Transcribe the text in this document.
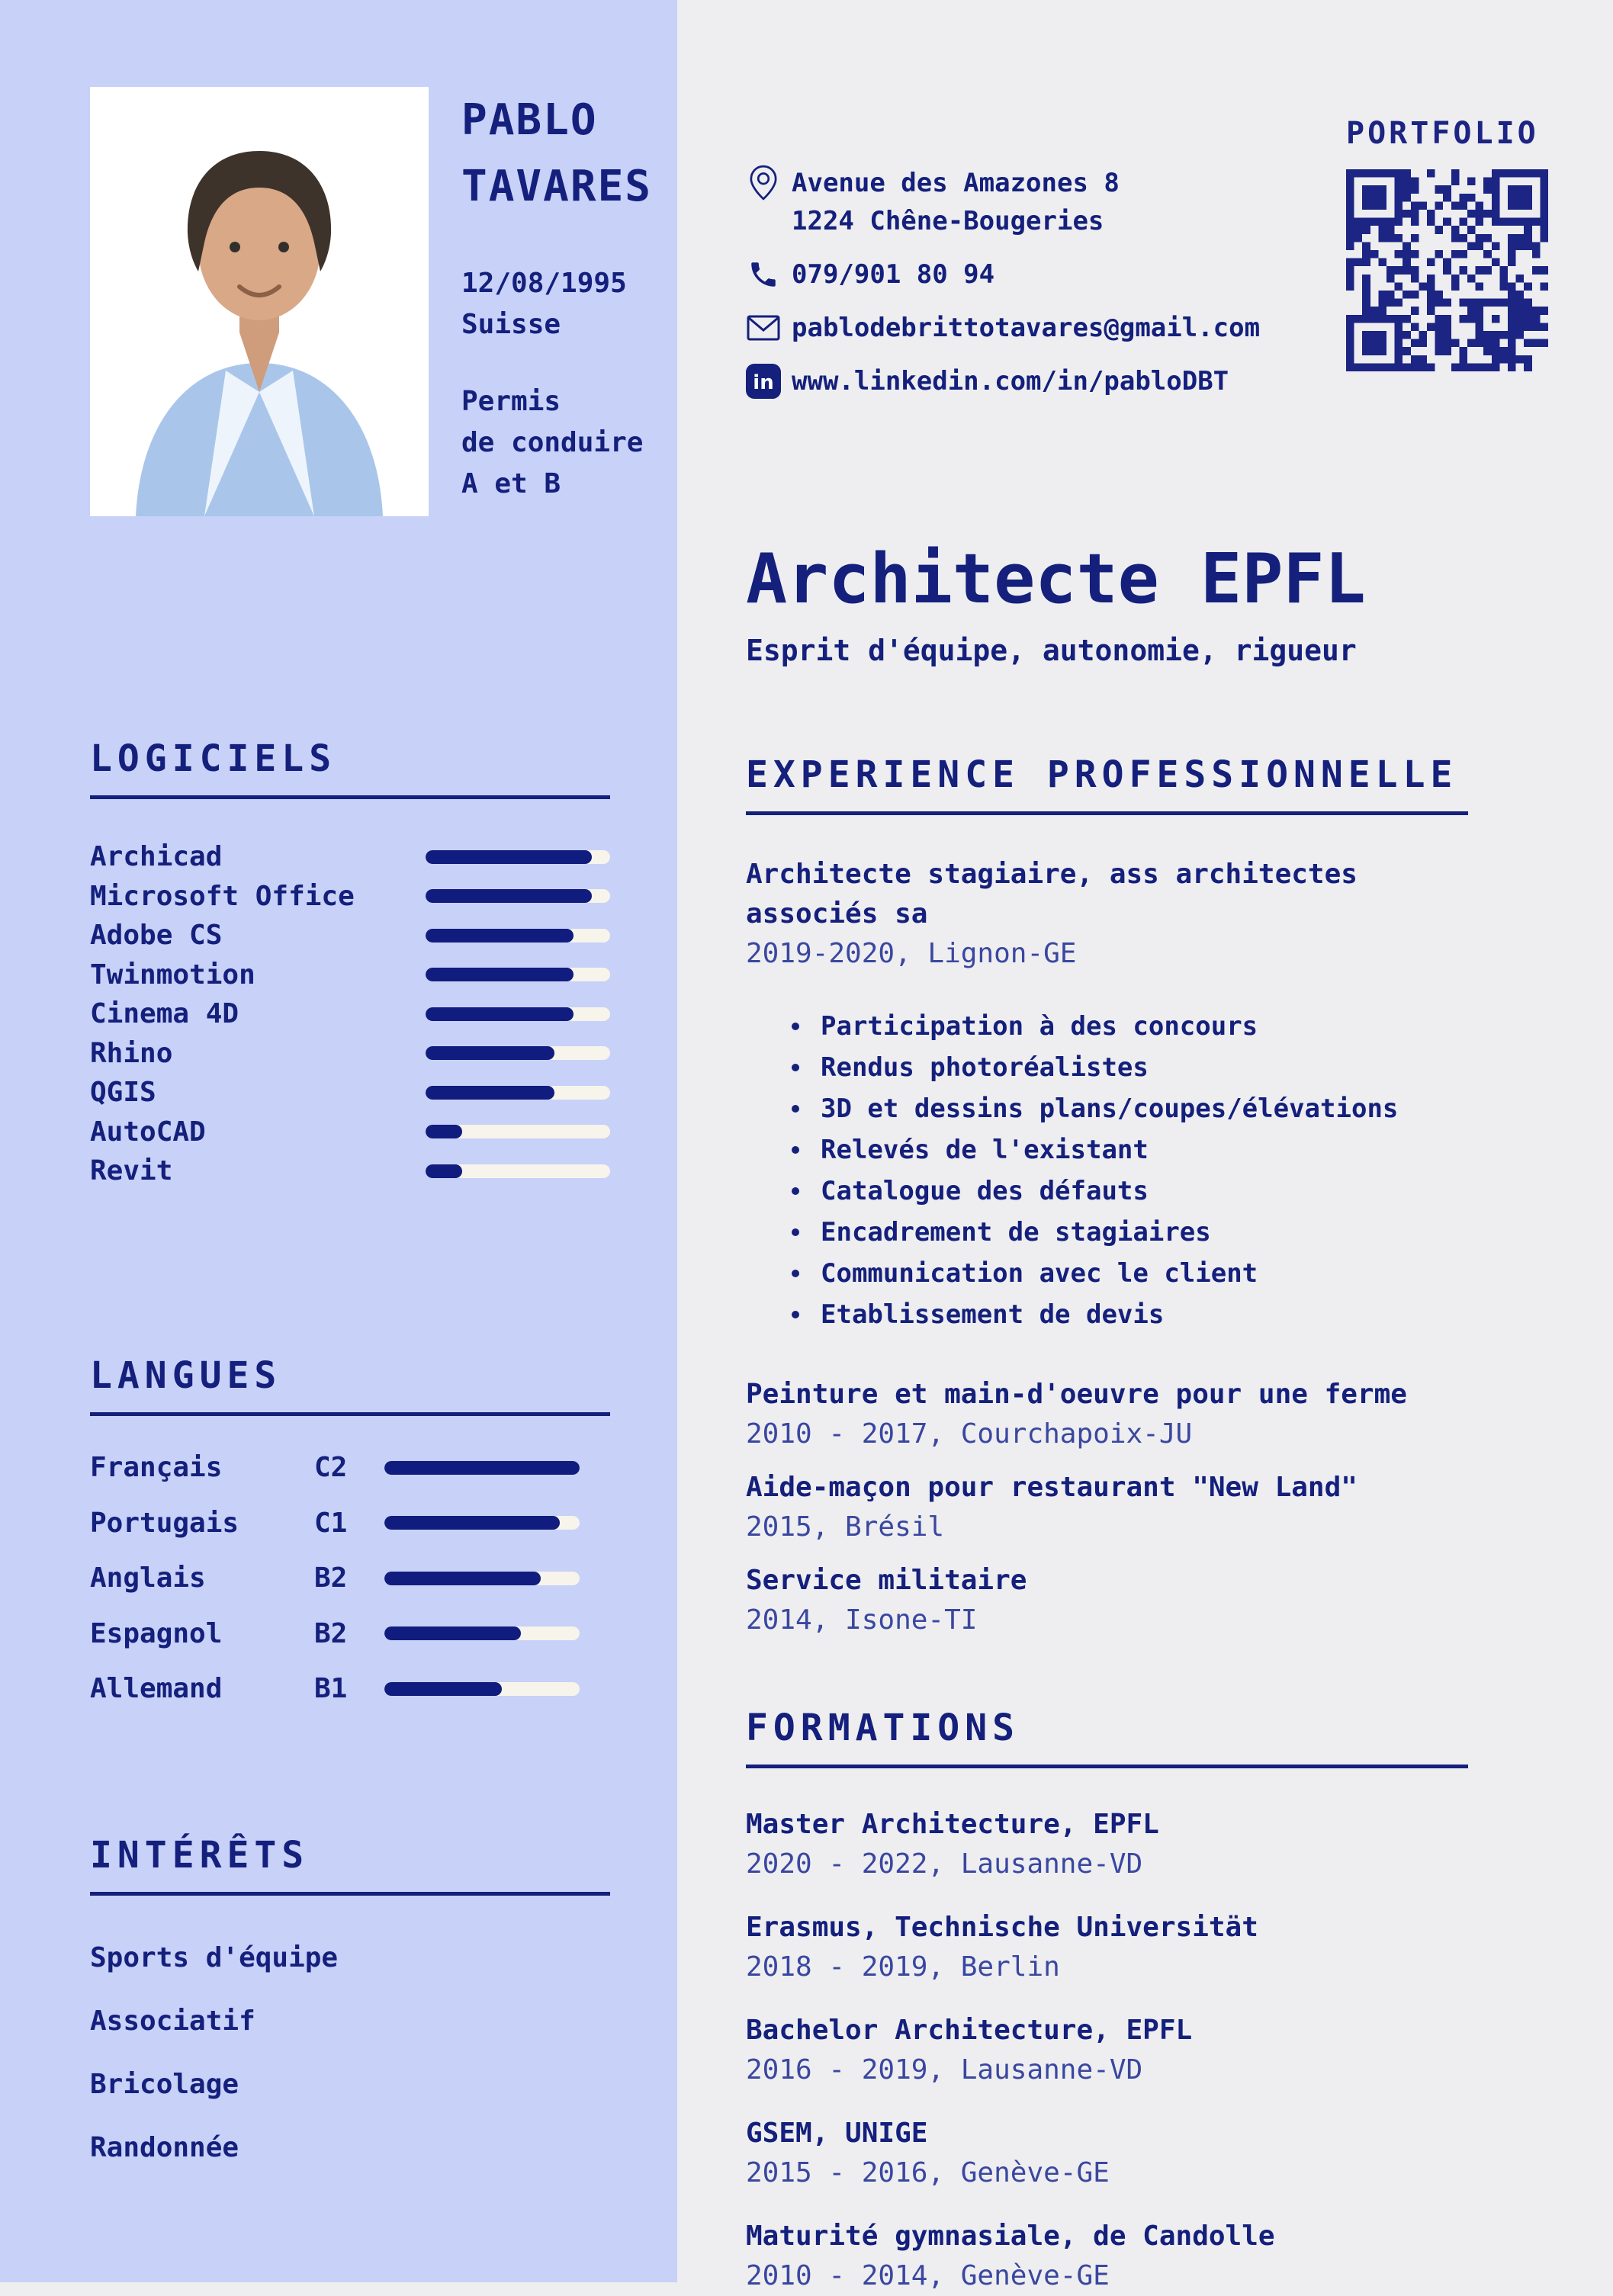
PABLO
TAVARES
12/08/1995
Suisse
Permis
de conduire
A et B
LOGICIELS
Archicad
Microsoft Office
Adobe CS
Twinmotion
Cinema 4D
Rhino
QGIS
AutoCAD
Revit
LANGUES
Français	C2
Portugais	C1
Anglais	B2
Espagnol	B2
Allemand	B1
INTÉRÊTS
Sports d'équipe
Associatif
Bricolage
Randonnée
PORTFOLIO
Avenue des Amazones 8
1224 Chêne-Bougeries
079/901 80 94
pablodebrittotavares@gmail.com
in www.linkedin.com/in/pabloDBT
Architecte EPFL
Esprit d'équipe, autonomie, rigueur
EXPERIENCE PROFESSIONNELLE
Architecte stagiaire, ass architectes associés sa
2019-2020, Lignon-GE
Participation à des concours
Rendus photoréalistes
3D et dessins plans/coupes/élévations
Relevés de l'existant
Catalogue des défauts
Encadrement de stagiaires
Communication avec le client
Etablissement de devis
Peinture et main-d'oeuvre pour une ferme
2010 - 2017, Courchapoix-JU
Aide-maçon pour restaurant "New Land"
2015, Brésil
Service militaire
2014, Isone-TI
FORMATIONS
Master Architecture, EPFL
2020 - 2022, Lausanne-VD
Erasmus, Technische Universität
2018 - 2019, Berlin
Bachelor Architecture, EPFL
2016 - 2019, Lausanne-VD
GSEM, UNIGE
2015 - 2016, Genève-GE
Maturité gymnasiale, de Candolle
2010 - 2014, Genève-GE
